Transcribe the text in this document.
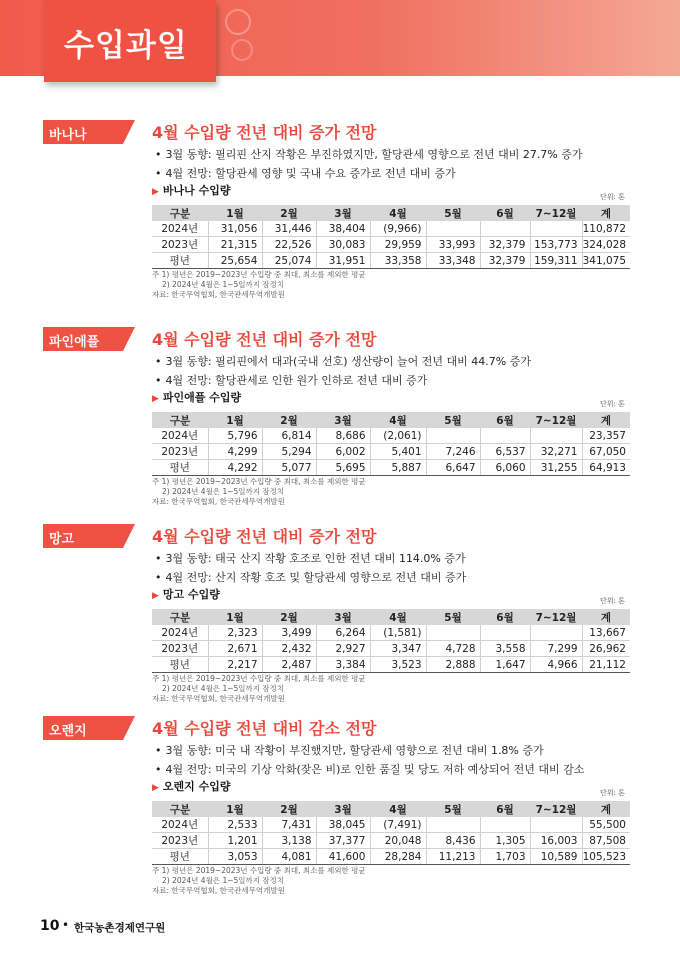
수입과일
바나나	4월 수입량 전년 대비 증가 전망
• 3월 동향: 필리핀 산지 작황은 부진하였지만, 할당관세 영향으로 전년 대비 27.7% 증가
• 4월 전망: 할당관세 영향 및 국내 수요 증가로 전년 대비 증가
▶ 바나나 수입량	단위: 톤
구분	1월	2월	3월	4월	5월	6월	7~12월	계
2024년	31,056	31,446	38,404	(9,966)				110,872
2023년	21,315	22,526	30,083	29,959	33,993	32,379	153,773	324,028
평년	25,654	25,074	31,951	33,358	33,348	32,379	159,311	341,075
주 1) 평년은 2019~2023년 수입량 중 최대, 최소를 제외한 평균
2) 2024년 4월은 1~5일까지 잠정치
자료: 한국무역협회, 한국관세무역개발원
파인애플	4월 수입량 전년 대비 증가 전망
• 3월 동향: 필리핀에서 대과(국내 선호) 생산량이 늘어 전년 대비 44.7% 증가
• 4월 전망: 할당관세로 인한 원가 인하로 전년 대비 증가
▶ 파인애플 수입량	단위: 톤
구분	1월	2월	3월	4월	5월	6월	7~12월	계
2024년	5,796	6,814	8,686	(2,061)				23,357
2023년	4,299	5,294	6,002	5,401	7,246	6,537	32,271	67,050
평년	4,292	5,077	5,695	5,887	6,647	6,060	31,255	64,913
주 1) 평년은 2019~2023년 수입량 중 최대, 최소를 제외한 평균
2) 2024년 4월은 1~5일까지 잠정치
자료: 한국무역협회, 한국관세무역개발원
망고	4월 수입량 전년 대비 증가 전망
• 3월 동향: 태국 산지 작황 호조로 인한 전년 대비 114.0% 증가
• 4월 전망: 산지 작황 호조 및 할당관세 영향으로 전년 대비 증가
▶ 망고 수입량	단위: 톤
구분	1월	2월	3월	4월	5월	6월	7~12월	계
2024년	2,323	3,499	6,264	(1,581)				13,667
2023년	2,671	2,432	2,927	3,347	4,728	3,558	7,299	26,962
평년	2,217	2,487	3,384	3,523	2,888	1,647	4,966	21,112
주 1) 평년은 2019~2023년 수입량 중 최대, 최소를 제외한 평균
2) 2024년 4월은 1~5일까지 잠정치
자료: 한국무역협회, 한국관세무역개발원
오렌지	4월 수입량 전년 대비 감소 전망
• 3월 동향: 미국 내 작황이 부진했지만, 할당관세 영향으로 전년 대비 1.8% 증가
• 4월 전망: 미국의 기상 악화(잦은 비)로 인한 품질 및 당도 저하 예상되어 전년 대비 감소
▶ 오렌지 수입량	단위: 톤
구분	1월	2월	3월	4월	5월	6월	7~12월	계
2024년	2,533	7,431	38,045	(7,491)				55,500
2023년	1,201	3,138	37,377	20,048	8,436	1,305	16,003	87,508
평년	3,053	4,081	41,600	28,284	11,213	1,703	10,589	105,523
주 1) 평년은 2019~2023년 수입량 중 최대, 최소를 제외한 평균
2) 2024년 4월은 1~5일까지 잠정치
자료: 한국무역협회, 한국관세무역개발원
10 • 한국농촌경제연구원
